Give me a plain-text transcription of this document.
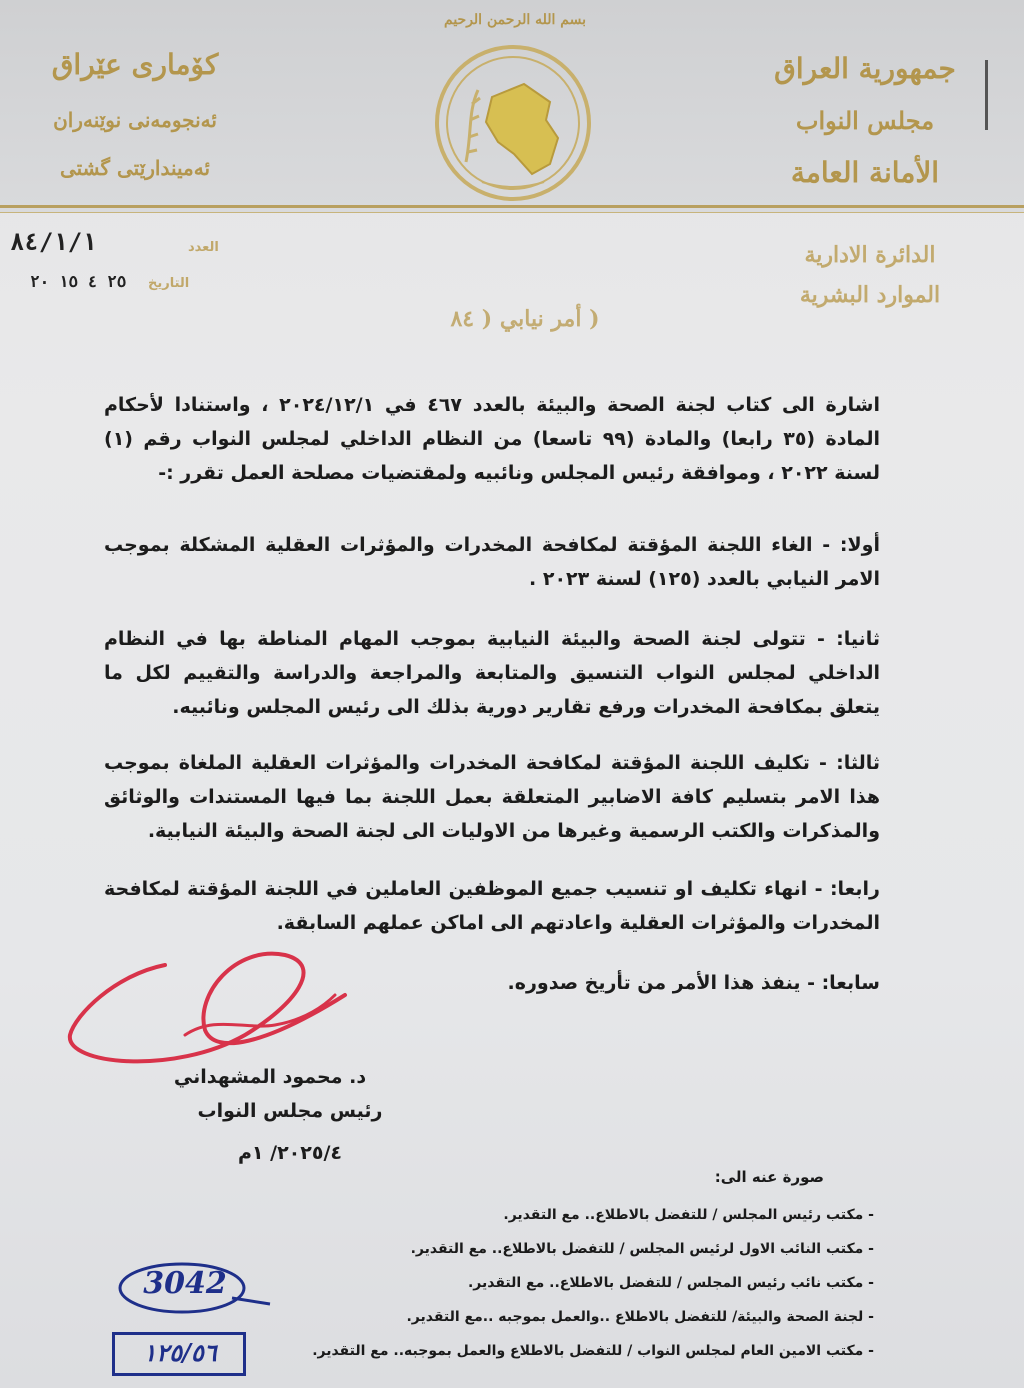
كۆماری عێراق
ئەنجومەنی نوێنەران
ئەمیندارێتی گشتی
جمهورية العراق
مجلس النواب
الأمانة العامة
بسم الله الرحمن الرحيم
الدائرة الادارية
الموارد البشرية
العدد
٨٤/١/١
التاريخ
٢٥ ٤ ١٥ ٢٠
( أمر نيابي ( ٨٤
اشارة الى كتاب لجنة الصحة والبيئة بالعدد ٤٦٧ في ٢٠٢٤/١٢/١ ، واستنادا لأحكام المادة (٣٥ رابعا) والمادة (٩٩ تاسعا) من النظام الداخلي لمجلس النواب رقم (١) لسنة ٢٠٢٢ ، وموافقة رئيس المجلس ونائبيه ولمقتضيات مصلحة العمل تقرر :-
أولا: - الغاء اللجنة المؤقتة لمكافحة المخدرات والمؤثرات العقلية المشكلة بموجب الامر النيابي بالعدد (١٢٥) لسنة ٢٠٢٣ .
ثانيا: - تتولى لجنة الصحة والبيئة النيابية بموجب المهام المناطة بها في النظام الداخلي لمجلس النواب التنسيق والمتابعة والمراجعة والدراسة والتقييم لكل ما يتعلق بمكافحة المخدرات ورفع تقارير دورية بذلك الى رئيس المجلس ونائبيه.
ثالثا: - تكليف اللجنة المؤقتة لمكافحة المخدرات والمؤثرات العقلية الملغاة بموجب هذا الامر بتسليم كافة الاضابير المتعلقة بعمل اللجنة بما فيها المستندات والوثائق والمذكرات والكتب الرسمية وغيرها من الاوليات الى لجنة الصحة والبيئة النيابية.
رابعا: - انهاء تكليف او تنسيب جميع الموظفين العاملين في اللجنة المؤقتة لمكافحة المخدرات والمؤثرات العقلية واعادتهم الى اماكن عملهم السابقة.
سابعا: - ينفذ هذا الأمر من تأريخ صدوره.
د. محمود المشهداني
رئيس مجلس النواب
٢٠٢٥/٤/ ١م
صورة عنه الى:
- مكتب رئيس المجلس / للتفضل بالاطلاع.. مع التقدير.
- مكتب النائب الاول لرئيس المجلس / للتفضل بالاطلاع.. مع التقدير.
- مكتب نائب رئيس المجلس / للتفضل بالاطلاع.. مع التقدير.
- لجنة الصحة والبيئة/ للتفضل بالاطلاع ..والعمل بموجبه ..مع التقدير.
- مكتب الامين العام لمجلس النواب / للتفضل بالاطلاع والعمل بموجبه.. مع التقدير.
3042
١٢٥/٥٦
